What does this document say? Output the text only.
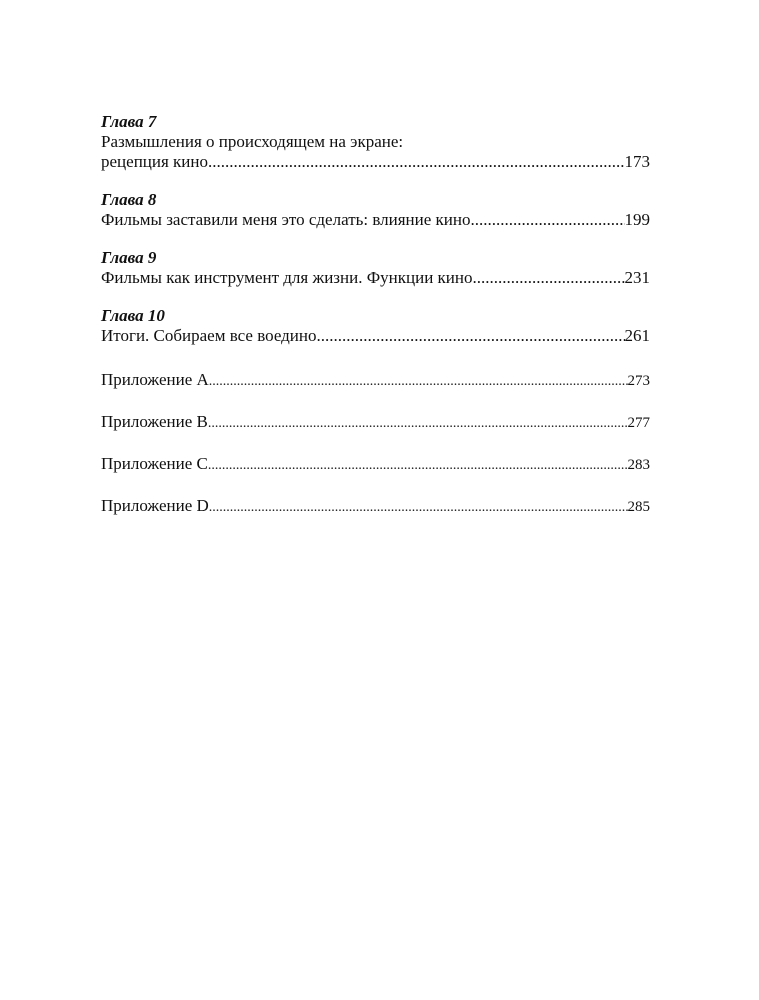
Глава 7
Размышления о происходящем на экране:
рецепция кино .....	173
Глава 8
Фильмы заставили меня это сделать: влияние кино .....	199
Глава 9
Фильмы как инструмент для жизни. Функции кино .....	231
Глава 10
Итоги. Собираем все воедино .....	261
Приложение A .....	273
Приложение B .....	277
Приложение C .....	283
Приложение D .....	285
